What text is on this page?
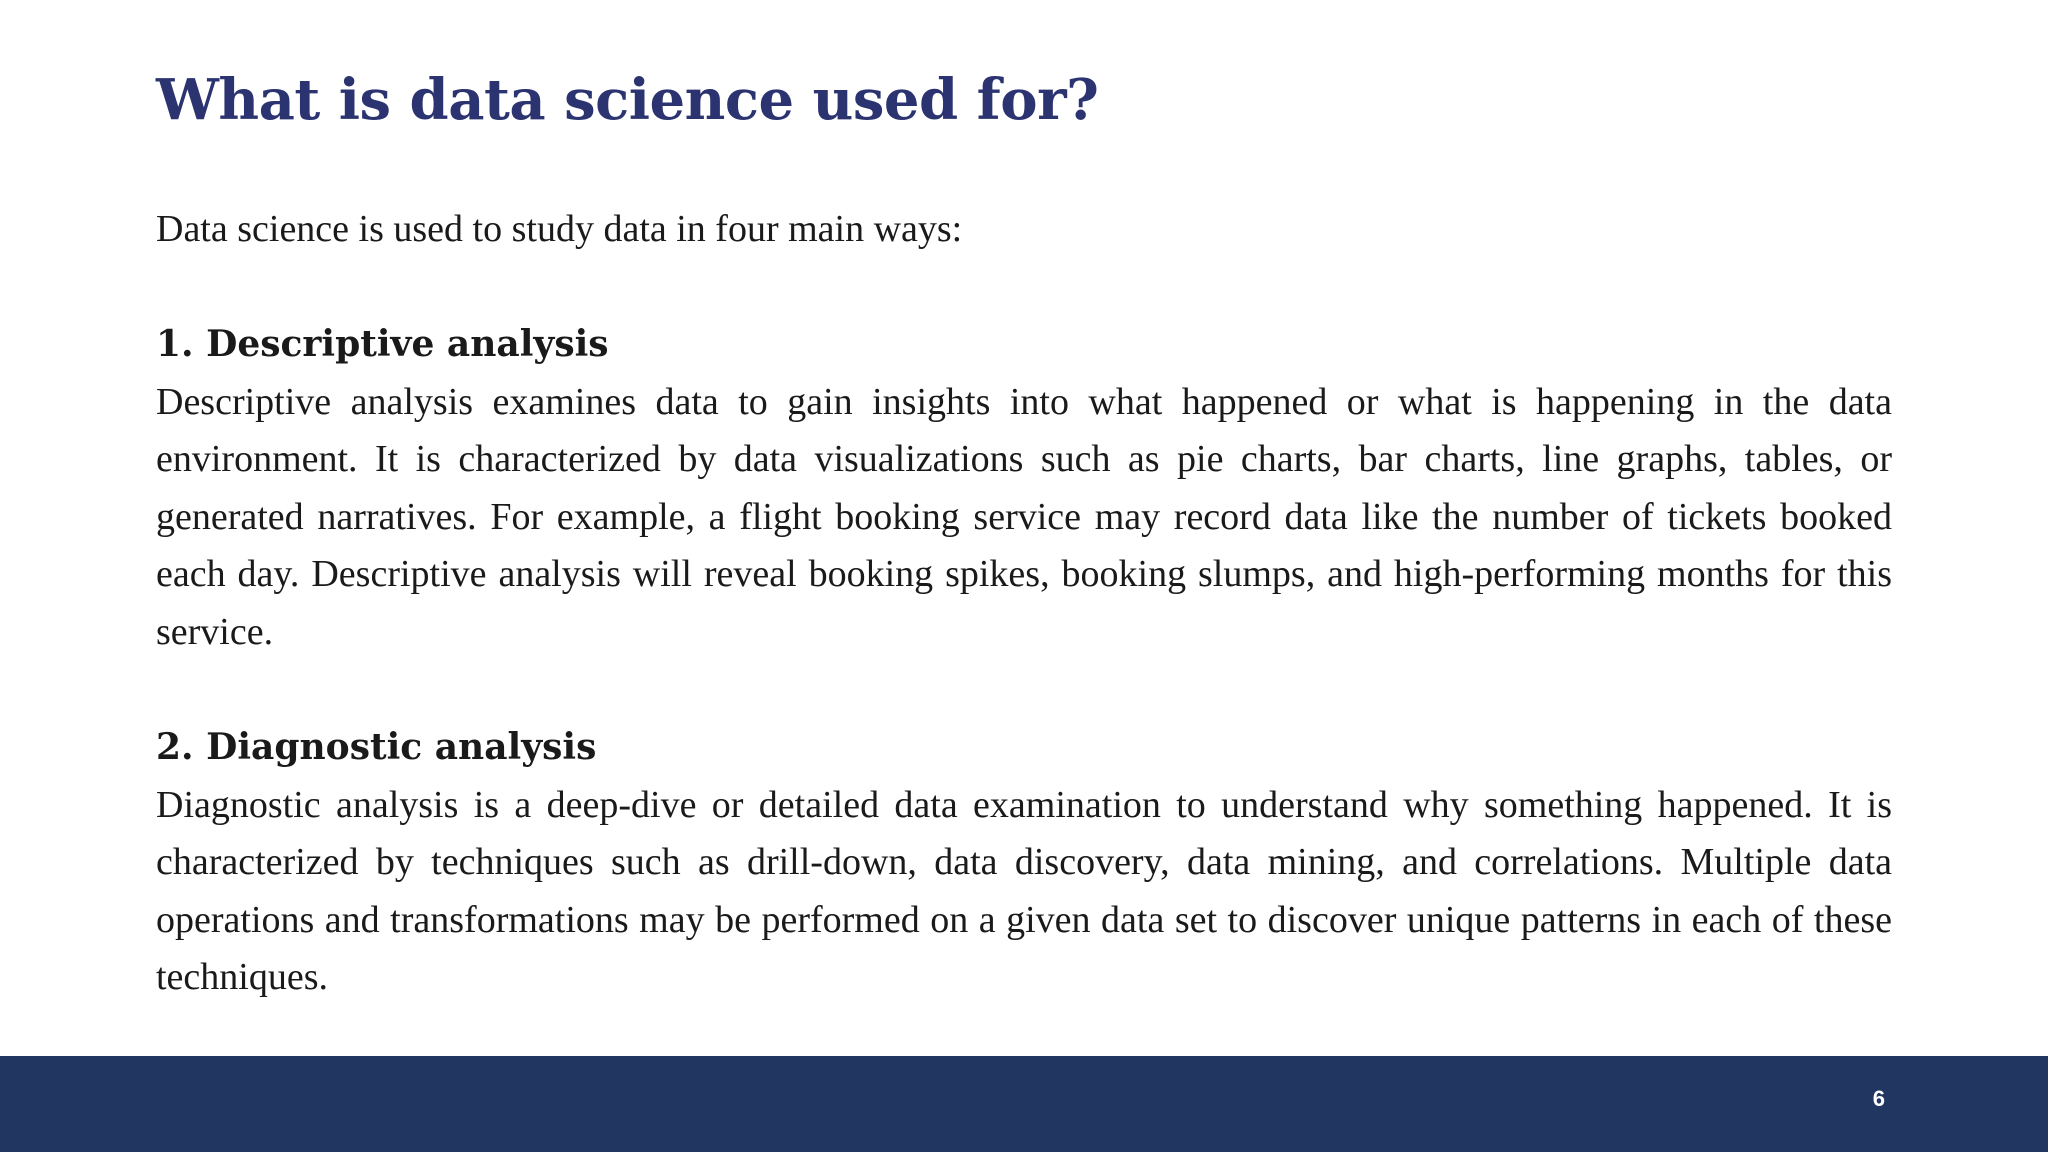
What is data science used for?

Data science is used to study data in four main ways:

1. Descriptive analysis

Descriptive analysis examines data to gain insights into what happened or what is happening in the data environment. It is characterized by data visualizations such as pie charts, bar charts, line graphs, tables, or generated narratives. For example, a flight booking service may record data like the number of tickets booked each day. Descriptive analysis will reveal booking spikes, booking slumps, and high-performing months for this service.

2. Diagnostic analysis

Diagnostic analysis is a deep-dive or detailed data examination to understand why something happened. It is characterized by techniques such as drill-down, data discovery, data mining, and correlations. Multiple data operations and transformations may be performed on a given data set to discover unique patterns in each of these techniques.

6
